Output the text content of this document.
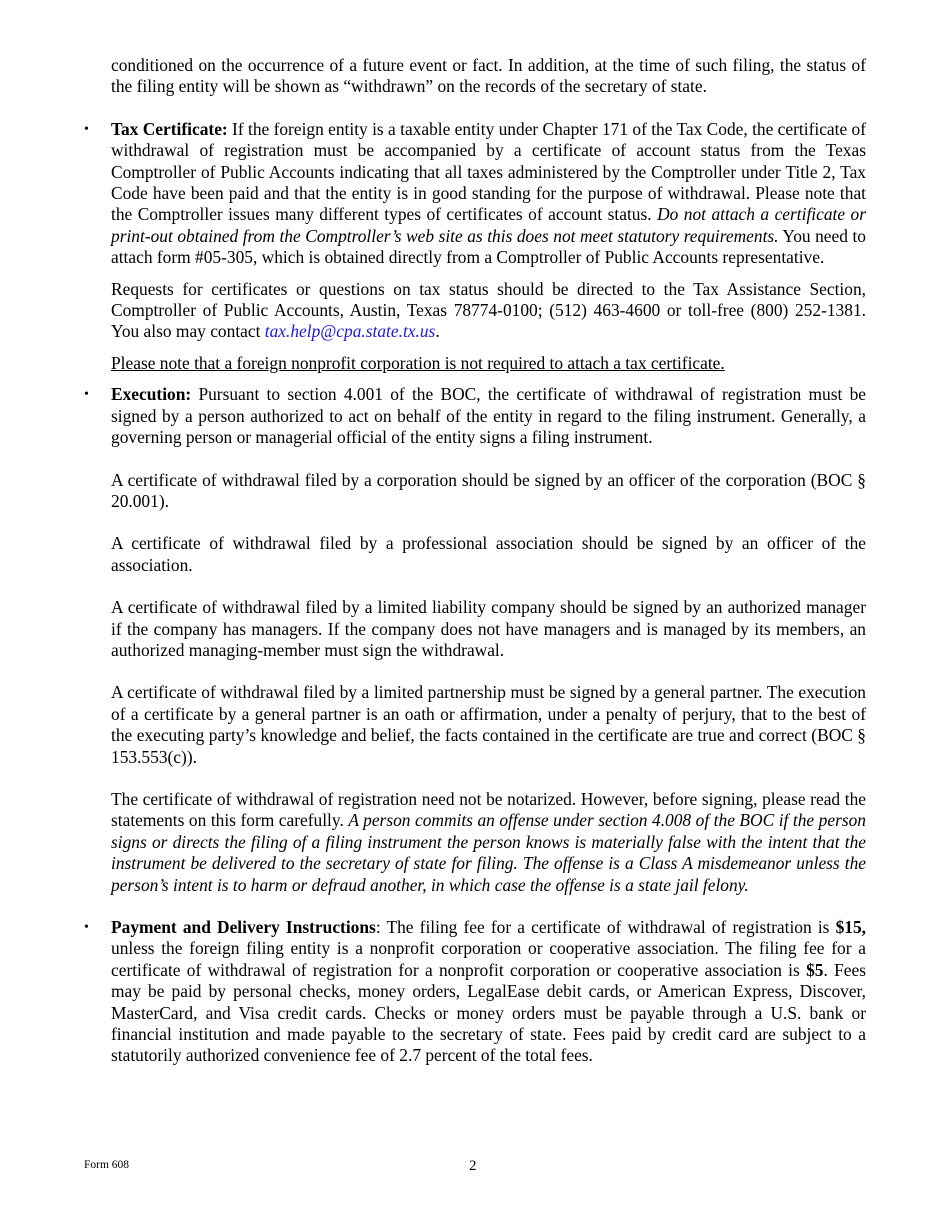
conditioned on the occurrence of a future event or fact. In addition, at the time of such filing, the status of the filing entity will be shown as “withdrawn” on the records of the secretary of state.

• Tax Certificate: If the foreign entity is a taxable entity under Chapter 171 of the Tax Code, the certificate of withdrawal of registration must be accompanied by a certificate of account status from the Texas Comptroller of Public Accounts indicating that all taxes administered by the Comptroller under Title 2, Tax Code have been paid and that the entity is in good standing for the purpose of withdrawal. Please note that the Comptroller issues many different types of certificates of account status. Do not attach a certificate or print-out obtained from the Comptroller’s web site as this does not meet statutory requirements. You need to attach form #05-305, which is obtained directly from a Comptroller of Public Accounts representative.

Requests for certificates or questions on tax status should be directed to the Tax Assistance Section, Comptroller of Public Accounts, Austin, Texas 78774-0100; (512) 463-4600 or toll-free (800) 252-1381. You also may contact tax.help@cpa.state.tx.us.

Please note that a foreign nonprofit corporation is not required to attach a tax certificate.

• Execution: Pursuant to section 4.001 of the BOC, the certificate of withdrawal of registration must be signed by a person authorized to act on behalf of the entity in regard to the filing instrument. Generally, a governing person or managerial official of the entity signs a filing instrument.

A certificate of withdrawal filed by a corporation should be signed by an officer of the corporation (BOC § 20.001).

A certificate of withdrawal filed by a professional association should be signed by an officer of the association.

A certificate of withdrawal filed by a limited liability company should be signed by an authorized manager if the company has managers. If the company does not have managers and is managed by its members, an authorized managing-member must sign the withdrawal.

A certificate of withdrawal filed by a limited partnership must be signed by a general partner. The execution of a certificate by a general partner is an oath or affirmation, under a penalty of perjury, that to the best of the executing party’s knowledge and belief, the facts contained in the certificate are true and correct (BOC § 153.553(c)).

The certificate of withdrawal of registration need not be notarized. However, before signing, please read the statements on this form carefully. A person commits an offense under section 4.008 of the BOC if the person signs or directs the filing of a filing instrument the person knows is materially false with the intent that the instrument be delivered to the secretary of state for filing. The offense is a Class A misdemeanor unless the person’s intent is to harm or defraud another, in which case the offense is a state jail felony.

• Payment and Delivery Instructions: The filing fee for a certificate of withdrawal of registration is $15, unless the foreign filing entity is a nonprofit corporation or cooperative association. The filing fee for a certificate of withdrawal of registration for a nonprofit corporation or cooperative association is $5. Fees may be paid by personal checks, money orders, LegalEase debit cards, or American Express, Discover, MasterCard, and Visa credit cards. Checks or money orders must be payable through a U.S. bank or financial institution and made payable to the secretary of state. Fees paid by credit card are subject to a statutorily authorized convenience fee of 2.7 percent of the total fees.

Form 608	2
